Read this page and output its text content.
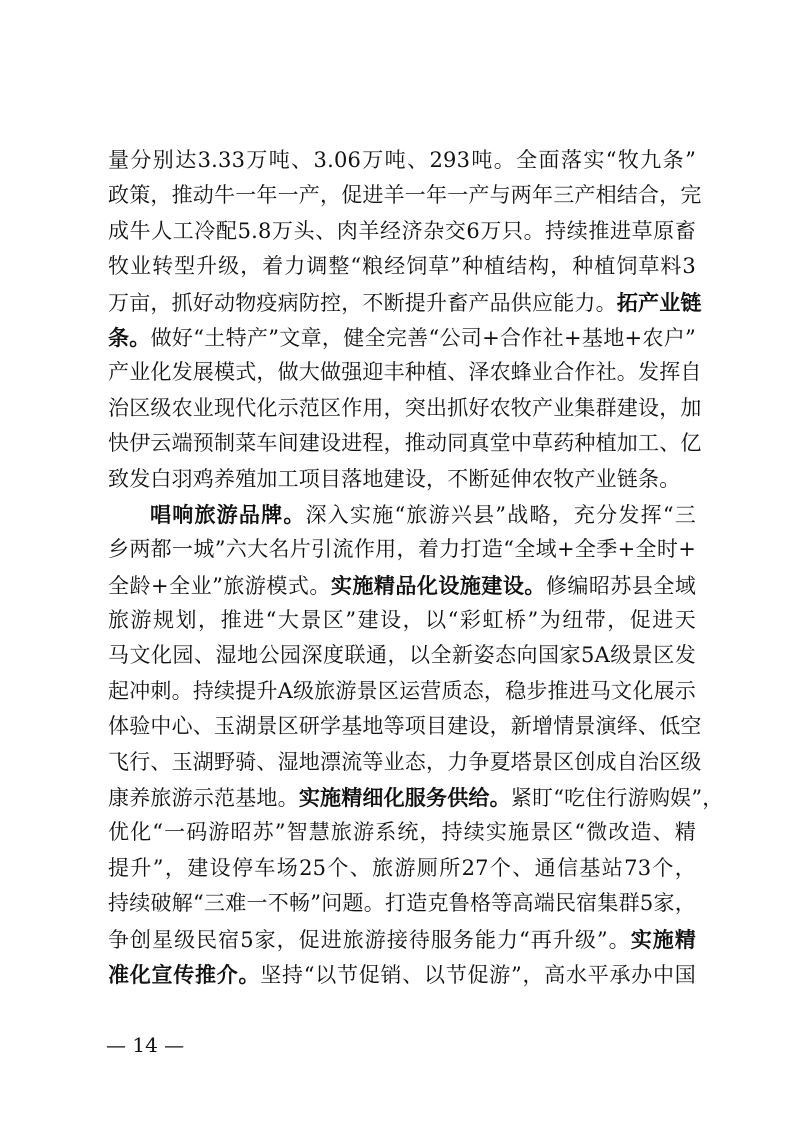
量分别达3.33万吨、3.06万吨、293吨。全面落实“牧九条”
政策，推动牛一年一产，促进羊一年一产与两年三产相结合，完
成牛人工冷配5.8万头、肉羊经济杂交6万只。持续推进草原畜
牧业转型升级，着力调整“粮经饲草”种植结构，种植饲草料3
万亩，抓好动物疫病防控，不断提升畜产品供应能力。拓产业链
条。做好“土特产”文章，健全完善“公司+合作社+基地+农户”
产业化发展模式，做大做强迎丰种植、泽农蜂业合作社。发挥自
治区级农业现代化示范区作用，突出抓好农牧产业集群建设，加
快伊云端预制菜车间建设进程，推动同真堂中草药种植加工、亿
致发白羽鸡养殖加工项目落地建设，不断延伸农牧产业链条。
唱响旅游品牌。深入实施“旅游兴县”战略，充分发挥“三
乡两都一城”六大名片引流作用，着力打造“全域+全季+全时+
全龄+全业”旅游模式。实施精品化设施建设。修编昭苏县全域
旅游规划，推进“大景区”建设，以“彩虹桥”为纽带，促进天
马文化园、湿地公园深度联通，以全新姿态向国家5A级景区发
起冲刺。持续提升A级旅游景区运营质态，稳步推进马文化展示
体验中心、玉湖景区研学基地等项目建设，新增情景演绎、低空
飞行、玉湖野骑、湿地漂流等业态，力争夏塔景区创成自治区级
康养旅游示范基地。实施精细化服务供给。紧盯“吃住行游购娱”，
优化“一码游昭苏”智慧旅游系统，持续实施景区“微改造、精
提升”，建设停车场25个、旅游厕所27个、通信基站73个，
持续破解“三难一不畅”问题。打造克鲁格等高端民宿集群5家，
争创星级民宿5家，促进旅游接待服务能力“再升级”。实施精
准化宣传推介。坚持“以节促销、以节促游”，高水平承办中国
— 14 —
